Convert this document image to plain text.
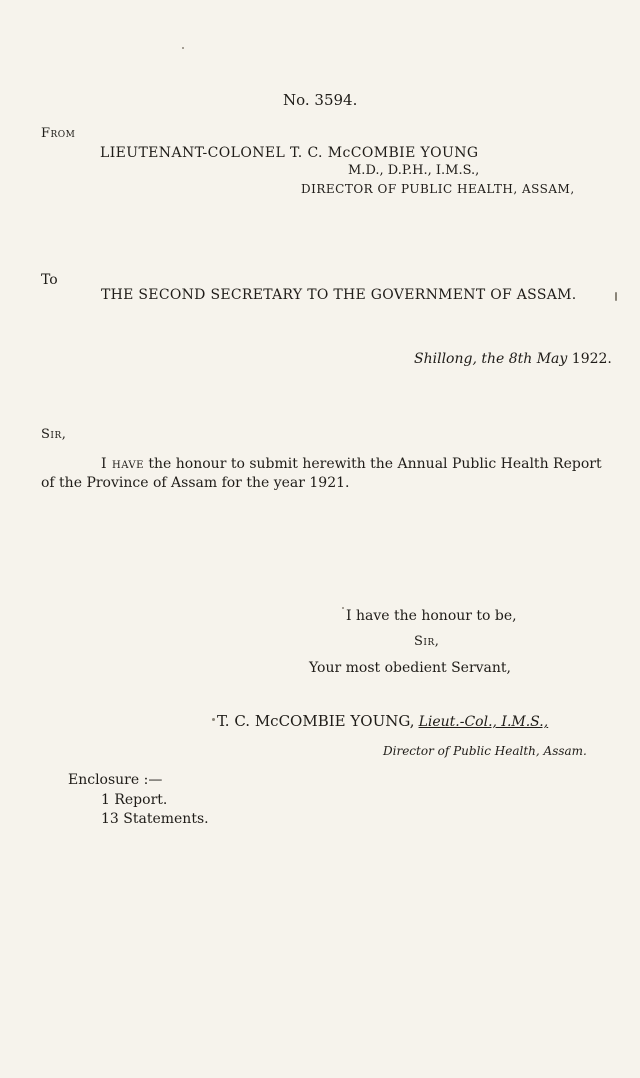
No. 3594.
From
LIEUTENANT-COLONEL T. C. McCOMBIE YOUNG
M.D., D.P.H., I.M.S.,
DIRECTOR OF PUBLIC HEALTH, ASSAM,
To
THE SECOND SECRETARY TO THE GOVERNMENT OF ASSAM.
Shillong, the 8th May 1922.
Sir,
I have the honour to submit herewith the Annual Public Health Report
of the Province of Assam for the year 1921.
I have the honour to be,
Sir,
Your most obedient Servant,
T. C. McCOMBIE YOUNG, Lieut.-Col., I.M.S.,
Director of Public Health, Assam.
Enclosure :—
1 Report.
13 Statements.
